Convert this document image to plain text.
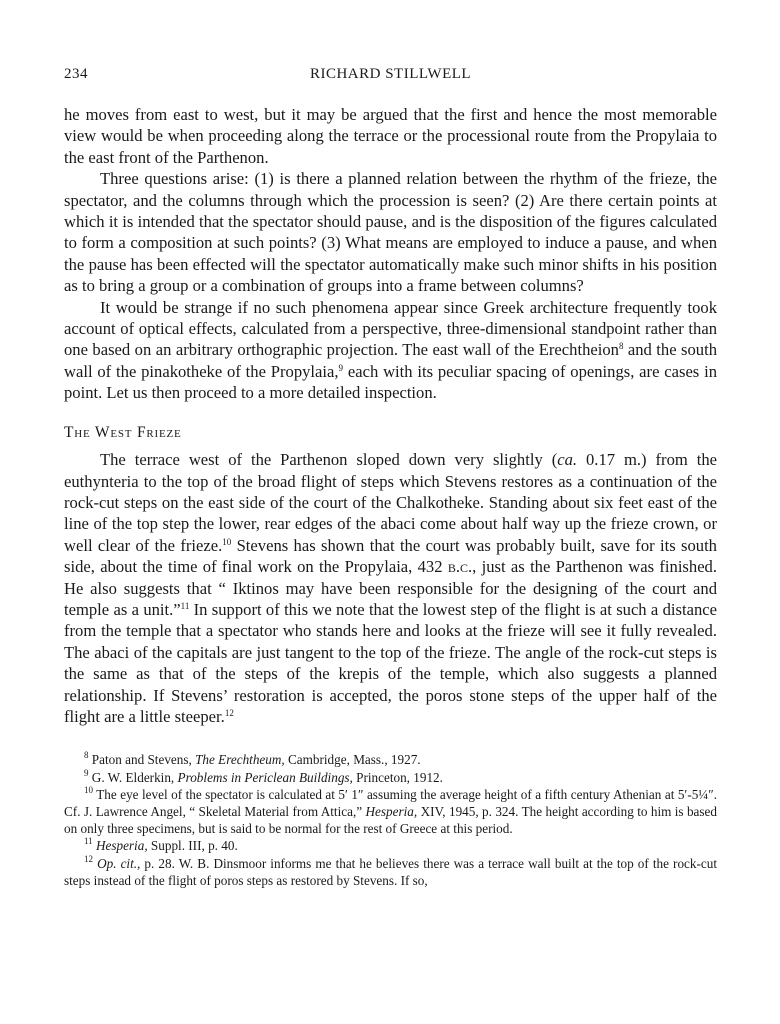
234	RICHARD STILLWELL

he moves from east to west, but it may be argued that the first and hence the most memorable view would be when proceeding along the terrace or the processional route from the Propylaia to the east front of the Parthenon.

Three questions arise: (1) is there a planned relation between the rhythm of the frieze, the spectator, and the columns through which the procession is seen? (2) Are there certain points at which it is intended that the spectator should pause, and is the disposition of the figures calculated to form a composition at such points? (3) What means are employed to induce a pause, and when the pause has been effected will the spectator automatically make such minor shifts in his position as to bring a group or a combination of groups into a frame between columns?

It would be strange if no such phenomena appear since Greek architecture frequently took account of optical effects, calculated from a perspective, three-dimensional standpoint rather than one based on an arbitrary orthographic projection. The east wall of the Erechtheion$^8$ and the south wall of the pinakotheke of the Propylaia,$^9$ each with its peculiar spacing of openings, are cases in point. Let us then proceed to a more detailed inspection.

The West Frieze

The terrace west of the Parthenon sloped down very slightly (ca. 0.17 m.) from the euthynteria to the top of the broad flight of steps which Stevens restores as a continuation of the rock-cut steps on the east side of the court of the Chalkotheke. Standing about six feet east of the line of the top step the lower, rear edges of the abaci come about half way up the frieze crown, or well clear of the frieze.$^{10}$ Stevens has shown that the court was probably built, save for its south side, about the time of final work on the Propylaia, 432 b.c., just as the Parthenon was finished. He also suggests that “ Iktinos may have been responsible for the designing of the court and temple as a unit.”$^{11}$ In support of this we note that the lowest step of the flight is at such a distance from the temple that a spectator who stands here and looks at the frieze will see it fully revealed. The abaci of the capitals are just tangent to the top of the frieze. The angle of the rock-cut steps is the same as that of the steps of the krepis of the temple, which also suggests a planned relationship. If Stevens’ restoration is accepted, the poros stone steps of the upper half of the flight are a little steeper.$^{12}$

$^8$ Paton and Stevens, The Erechtheum, Cambridge, Mass., 1927.

$^9$ G. W. Elderkin, Problems in Periclean Buildings, Princeton, 1912.

$^{10}$ The eye level of the spectator is calculated at 5′ 1″ assuming the average height of a fifth century Athenian at 5′-5¼″. Cf. J. Lawrence Angel, “ Skeletal Material from Attica,” Hesperia, XIV, 1945, p. 324. The height according to him is based on only three specimens, but is said to be normal for the rest of Greece at this period.

$^{11}$ Hesperia, Suppl. III, p. 40.

$^{12}$ Op. cit., p. 28. W. B. Dinsmoor informs me that he believes there was a terrace wall built at the top of the rock-cut steps instead of the flight of poros steps as restored by Stevens. If so,
